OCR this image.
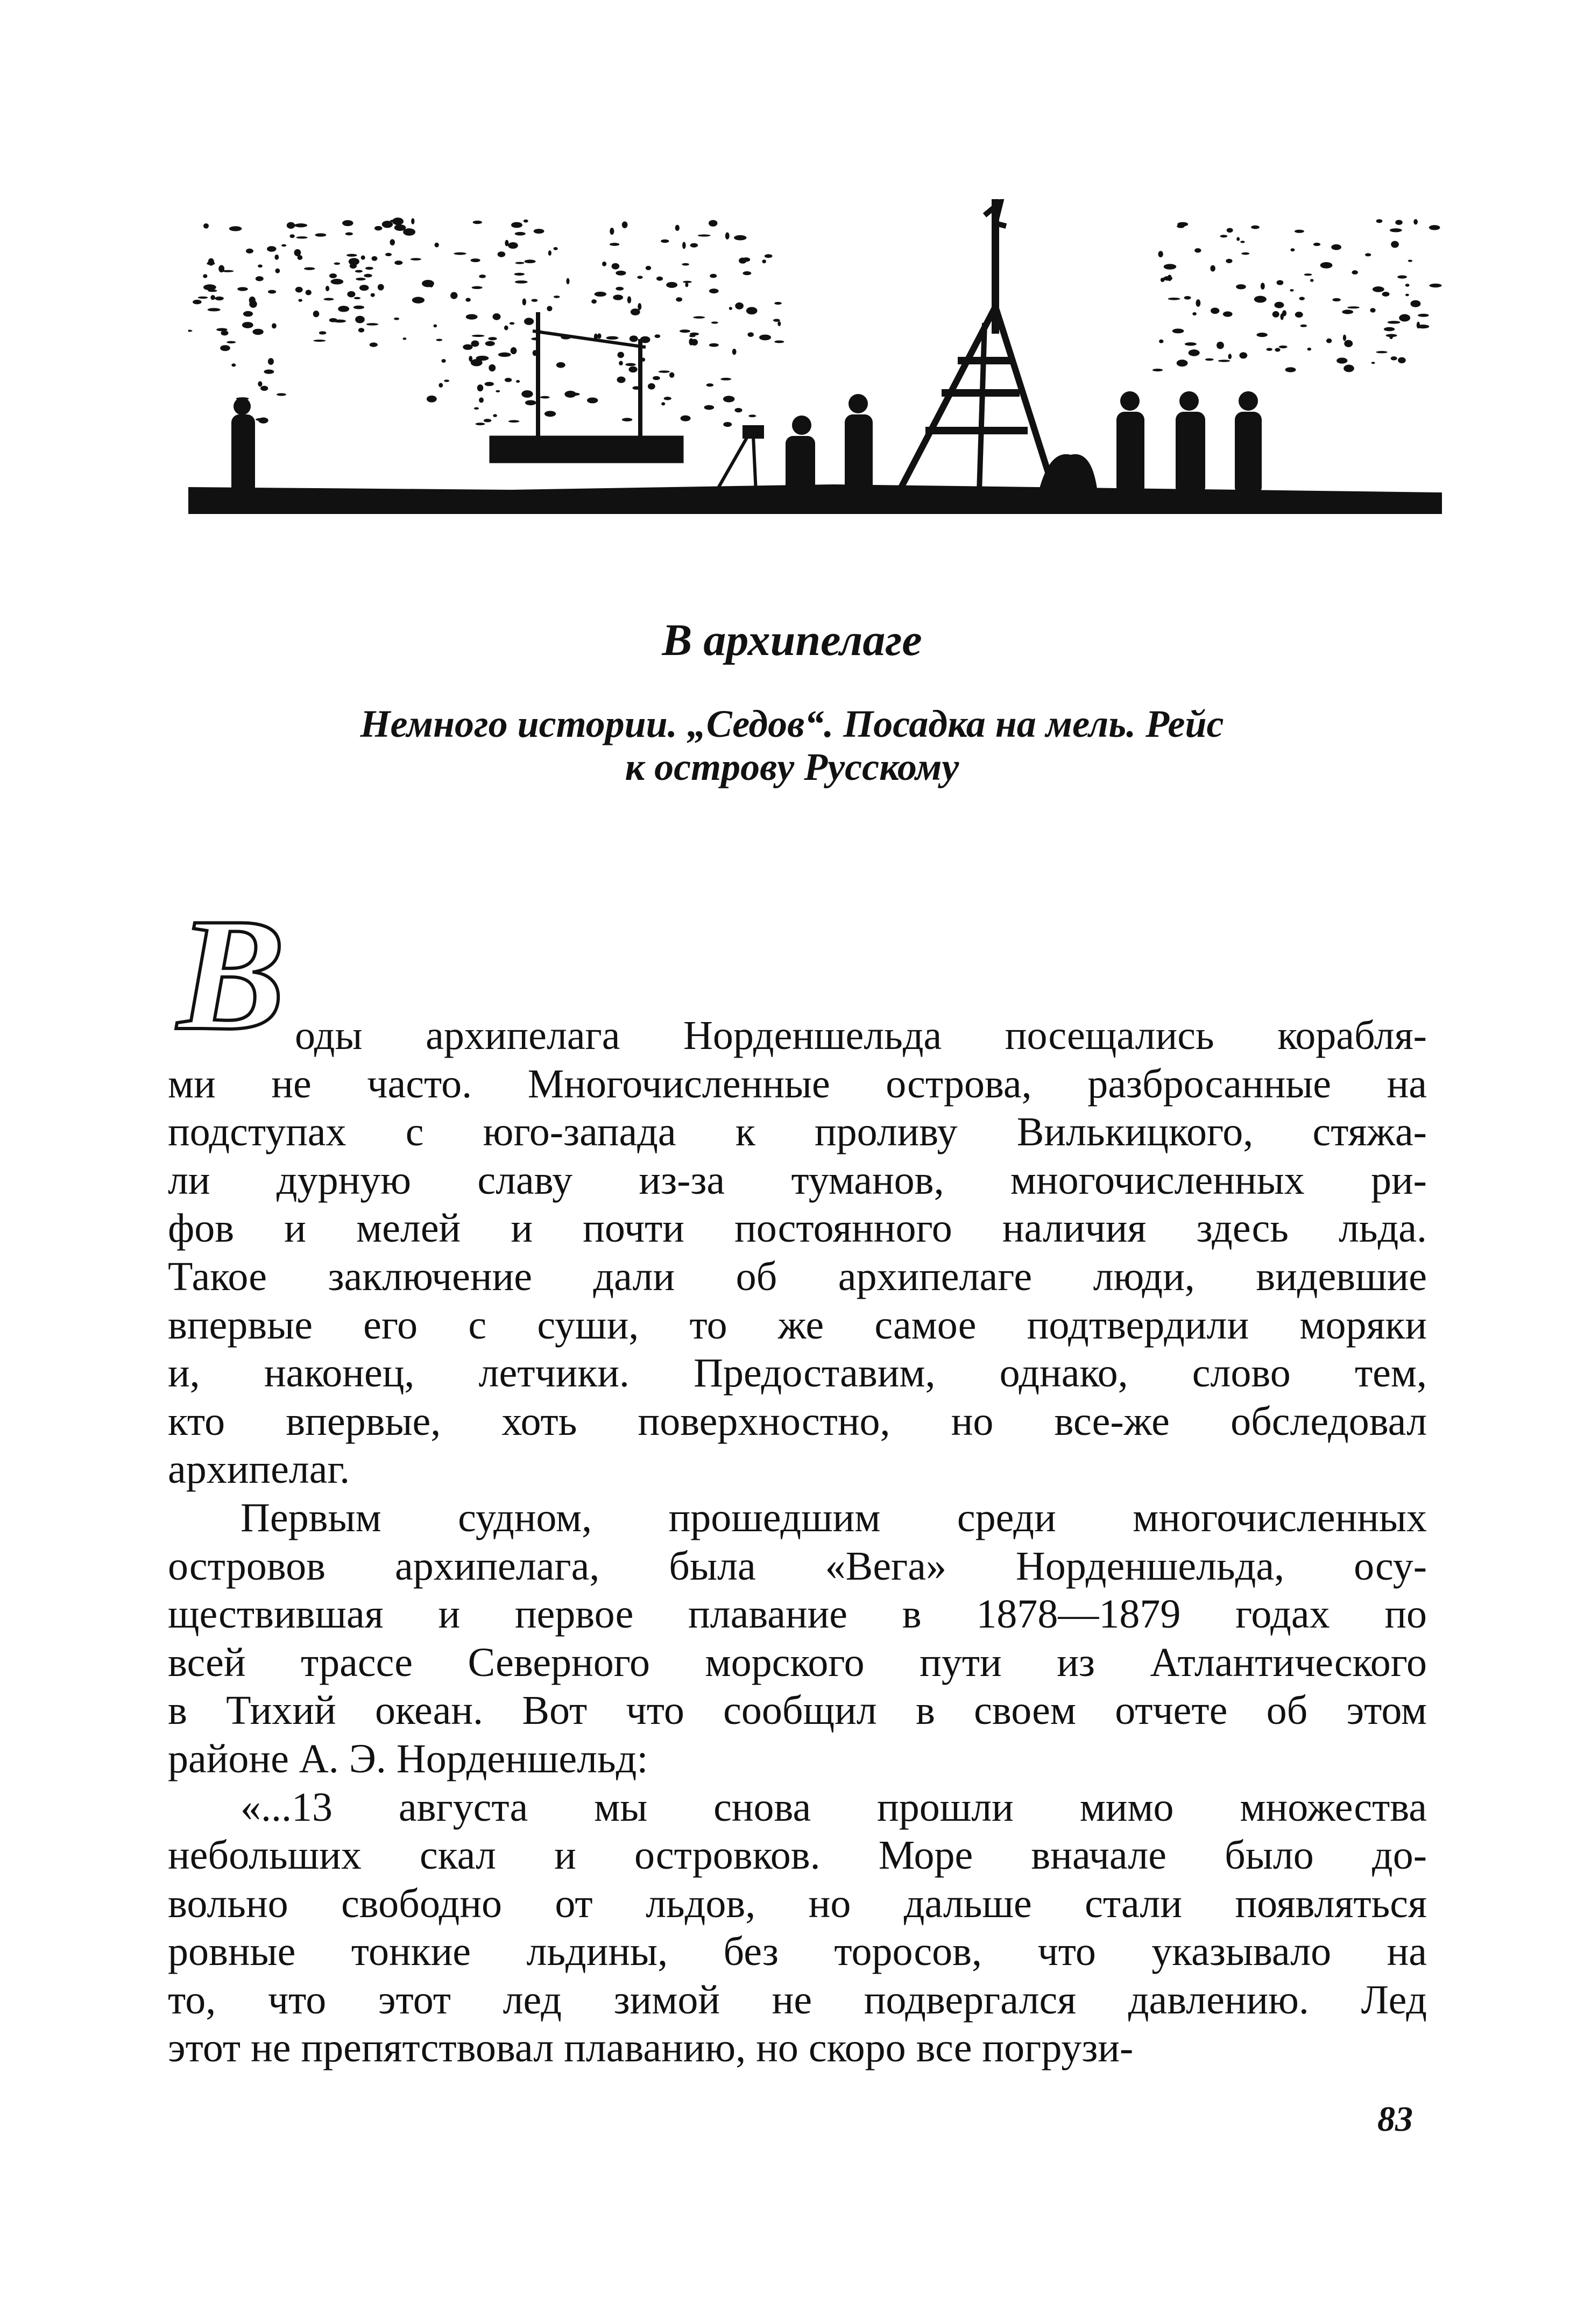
В архипелаге
Немного истории. „Седов“. Посадка на мель. Рейс
к острову Русскому
В оды архипелага Норденшельда посещались корабля-
ми не часто. Многочисленные острова, разбросанные на
подступах с юго-запада к проливу Вилькицкого, стяжа-
ли дурную славу из-за туманов, многочисленных ри-
фов и мелей и почти постоянного наличия здесь льда.
Такое заключение дали об архипелаге люди, видевшие
впервые его с суши, то же самое подтвердили моряки
и, наконец, летчики. Предоставим, однако, слово тем,
кто впервые, хоть поверхностно, но все-же обследовал
архипелаг.
Первым судном, прошедшим среди многочисленных
островов архипелага, была «Вега» Норденшельда, осу-
ществившая и первое плавание в 1878—1879 годах по
всей трассе Северного морского пути из Атлантического
в Тихий океан. Вот что сообщил в своем отчете об этом
районе А. Э. Норденшельд:
«...13 августа мы снова прошли мимо множества
небольших скал и островков. Море вначале было до-
вольно свободно от льдов, но дальше стали появляться
ровные тонкие льдины, без торосов, что указывало на
то, что этот лед зимой не подвергался давлению. Лед
этот не препятствовал плаванию, но скоро все погрузи-
83
